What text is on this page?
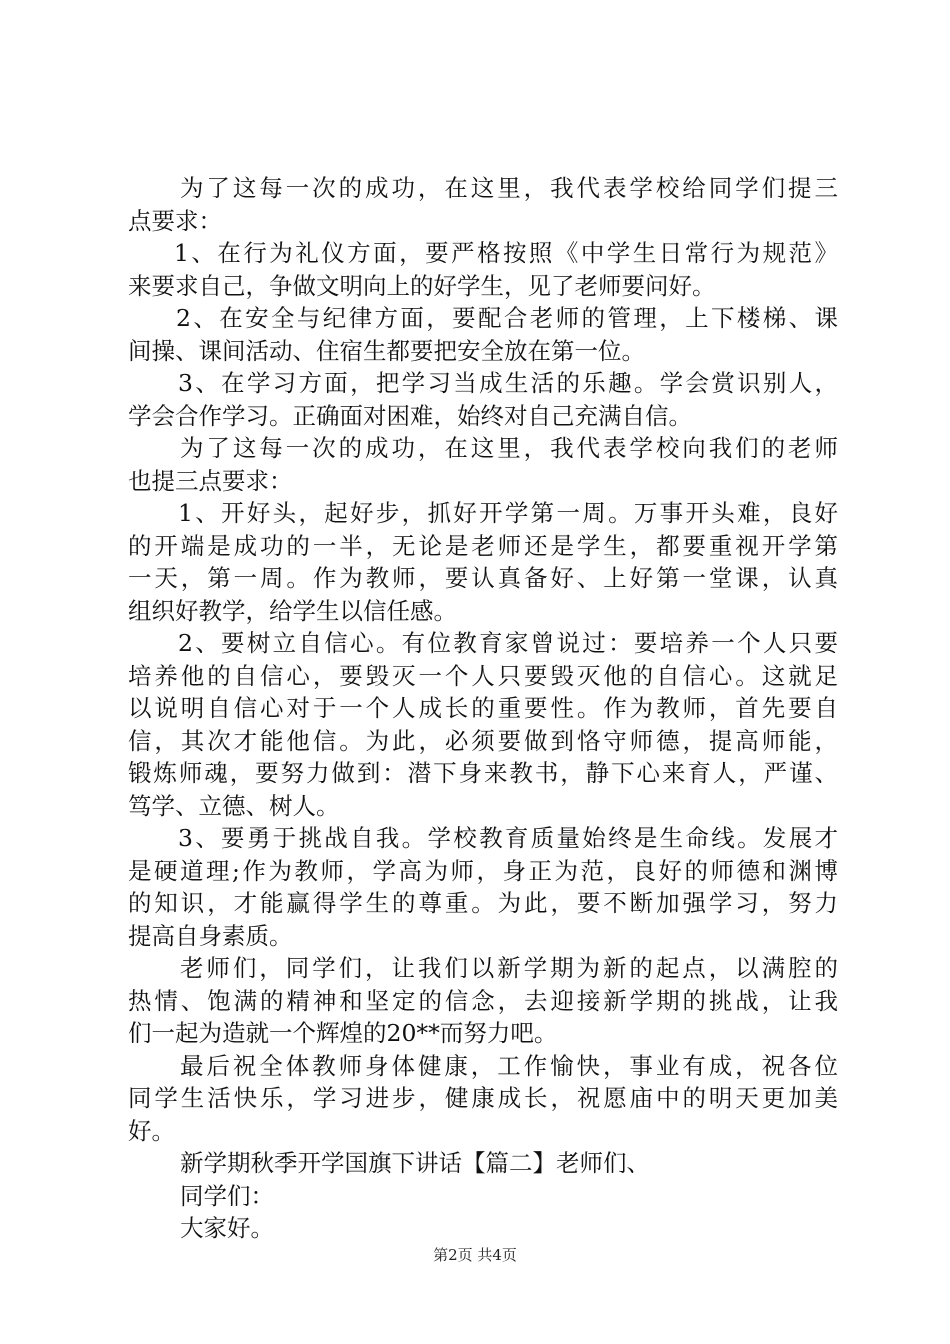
为了这每一次的成功，在这里，我代表学校给同学们提三
点要求：
1、在行为礼仪方面，要严格按照《中学生日常行为规范》
来要求自己，争做文明向上的好学生，见了老师要问好。
2、在安全与纪律方面，要配合老师的管理，上下楼梯、课
间操、课间活动、住宿生都要把安全放在第一位。
3、在学习方面，把学习当成生活的乐趣。学会赏识别人，
学会合作学习。正确面对困难，始终对自己充满自信。
为了这每一次的成功，在这里，我代表学校向我们的老师
也提三点要求：
1、开好头，起好步，抓好开学第一周。万事开头难，良好
的开端是成功的一半，无论是老师还是学生，都要重视开学第
一天，第一周。作为教师，要认真备好、上好第一堂课，认真
组织好教学，给学生以信任感。
2、要树立自信心。有位教育家曾说过：要培养一个人只要
培养他的自信心，要毁灭一个人只要毁灭他的自信心。这就足
以说明自信心对于一个人成长的重要性。作为教师，首先要自
信，其次才能他信。为此，必须要做到恪守师德，提高师能，
锻炼师魂，要努力做到：潜下身来教书，静下心来育人，严谨、
笃学、立德、树人。
3、要勇于挑战自我。学校教育质量始终是生命线。发展才
是硬道理;作为教师，学高为师，身正为范，良好的师德和渊博
的知识，才能赢得学生的尊重。为此，要不断加强学习，努力
提高自身素质。
老师们，同学们，让我们以新学期为新的起点，以满腔的
热情、饱满的精神和坚定的信念，去迎接新学期的挑战，让我
们一起为造就一个辉煌的20**而努力吧。
最后祝全体教师身体健康，工作愉快，事业有成，祝各位
同学生活快乐，学习进步，健康成长，祝愿庙中的明天更加美
好。
新学期秋季开学国旗下讲话【篇二】老师们、
同学们：
大家好。
第2页 共4页
